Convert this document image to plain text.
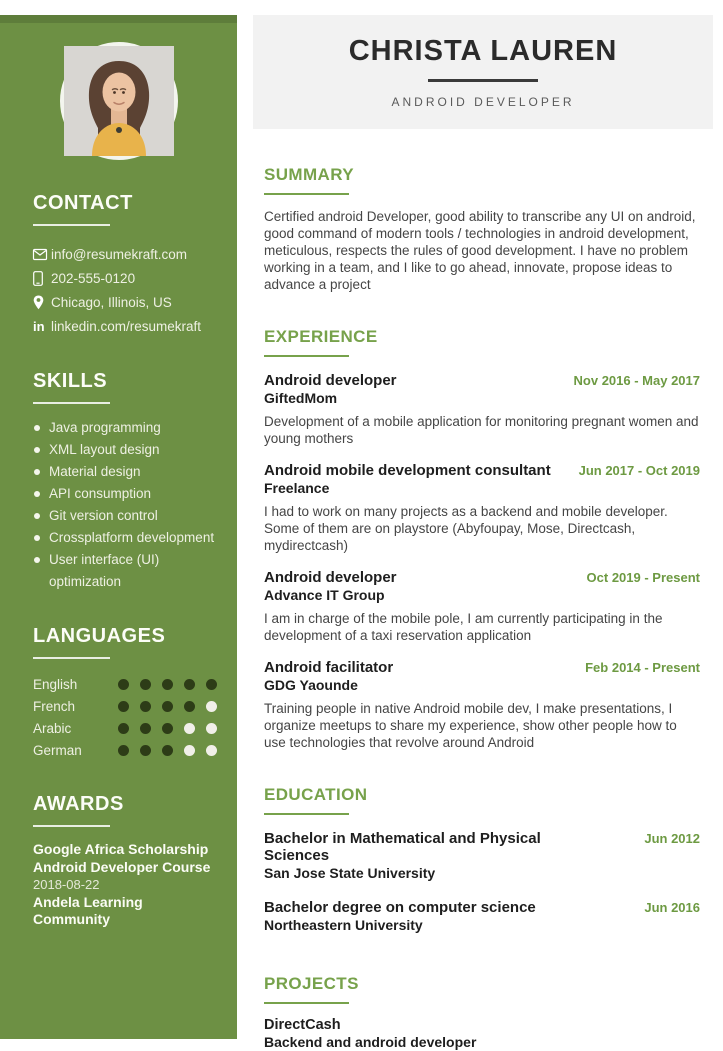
CONTACT
info@resumekraft.com
202-555-0120
Chicago, Illinois, US
in linkedin.com/resumekraft
SKILLS
Java programming
XML layout design
Material design
API consumption
Git version control
Crossplatform development
User interface (UI) optimization
LANGUAGES
English
French
Arabic
German
AWARDS
Google Africa Scholarship
Android Developer Course
2018-08-22
Andela Learning Community
CHRISTA LAUREN
ANDROID DEVELOPER
SUMMARY

Certified android Developer, good ability to transcribe any UI on android, good command of modern tools / technologies in android development, meticulous, respects the rules of good development. I have no problem working in a team, and I like to go ahead, innovate, propose ideas to advance a project

EXPERIENCE
Android developer	Nov 2016 - May 2017
GiftedMom
Development of a mobile application for monitoring pregnant women and young mothers
Android mobile development consultant Jun 2017 - Oct 2019
Freelance
I had to work on many projects as a backend and mobile developer. Some of them are on playstore (Abyfoupay, Mose, Directcash, mydirectcash)
Android developer	Oct 2019 - Present
Advance IT Group
I am in charge of the mobile pole, I am currently participating in the development of a taxi reservation application
Android facilitator	Feb 2014 - Present
GDG Yaounde
Training people in native Android mobile dev, I make presentations, I organize meetups to share my experience, show other people how to use technologies that revolve around Android
EDUCATION
Bachelor in Mathematical and Physical Sciences
Jun 2012
San Jose State University
Bachelor degree on computer science	Jun 2016
Northeastern University
PROJECTS
DirectCash
Backend and android developer
